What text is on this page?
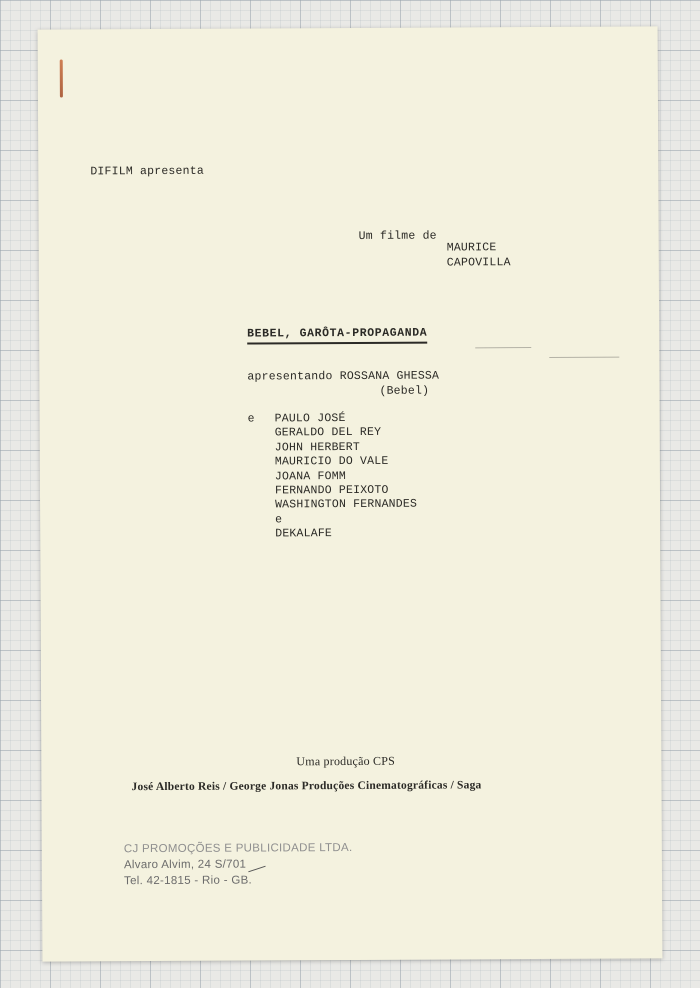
DIFILM apresenta

Um filme de

MAURICE

CAPOVILLA

BEBEL, GARÔTA-PROPAGANDA

apresentando ROSSANA GHESSA

(Bebel)

e PAULO JOSÉ
GERALDO DEL REY
JOHN HERBERT
MAURICIO DO VALE
JOANA FOMM
FERNANDO PEIXOTO
WASHINGTON FERNANDES
e
DEKALAFE

Uma produção CPS

José Alberto Reis / George Jonas Produções Cinematográficas / Saga

CJ PROMOÇÕES E PUBLICIDADE LTDA.

Alvaro Alvim, 24 S/701

Tel. 42-1815 - Rio - GB.
